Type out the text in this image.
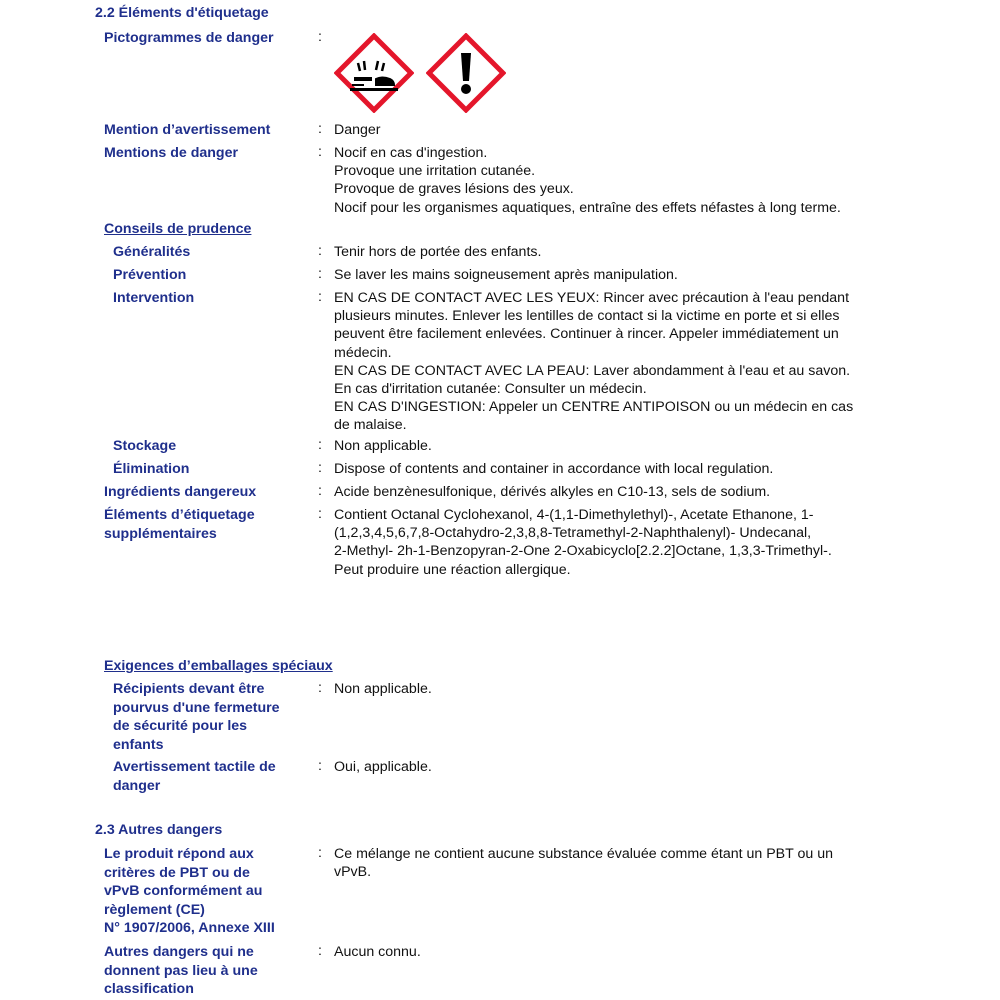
2.2 Éléments d'étiquetage
Pictogrammes de danger	:
Mention d’avertissement	: Danger
Mentions de danger	: Nocif en cas d'ingestion.
Provoque une irritation cutanée.
Provoque de graves lésions des yeux.
Nocif pour les organismes aquatiques, entraîne des effets néfastes à long terme.
Conseils de prudence
Généralités	: Tenir hors de portée des enfants.
Prévention	: Se laver les mains soigneusement après manipulation.
Intervention	: EN CAS DE CONTACT AVEC LES YEUX: Rincer avec précaution à l'eau pendant
plusieurs minutes. Enlever les lentilles de contact si la victime en porte et si elles
peuvent être facilement enlevées. Continuer à rincer. Appeler immédiatement un
médecin.
EN CAS DE CONTACT AVEC LA PEAU: Laver abondamment à l'eau et au savon.
En cas d'irritation cutanée: Consulter un médecin.
EN CAS D'INGESTION: Appeler un CENTRE ANTIPOISON ou un médecin en cas
de malaise.
Stockage	: Non applicable.
Élimination	: Dispose of contents and container in accordance with local regulation.
Ingrédients dangereux	: Acide benzènesulfonique, dérivés alkyles en C10-13, sels de sodium.
Éléments d’étiquetage
supplémentaires
: Contient Octanal Cyclohexanol, 4-(1,1-Dimethylethyl)-, Acetate Ethanone, 1-
(1,2,3,4,5,6,7,8-Octahydro-2,3,8,8-Tetramethyl-2-Naphthalenyl)- Undecanal,
2-Methyl- 2h-1-Benzopyran-2-One 2-Oxabicyclo[2.2.2]Octane, 1,3,3-Trimethyl-.
Peut produire une réaction allergique.
Exigences d’emballages spéciaux
Récipients devant être
pourvus d'une fermeture
de sécurité pour les
enfants
: Non applicable.
Avertissement tactile de
danger
: Oui, applicable.
2.3 Autres dangers
Le produit répond aux
critères de PBT ou de
vPvB conformément au
règlement (CE)
N° 1907/2006, Annexe XIII
: Ce mélange ne contient aucune substance évaluée comme étant un PBT ou un
vPvB.
Autres dangers qui ne
donnent pas lieu à une
classification
: Aucun connu.
